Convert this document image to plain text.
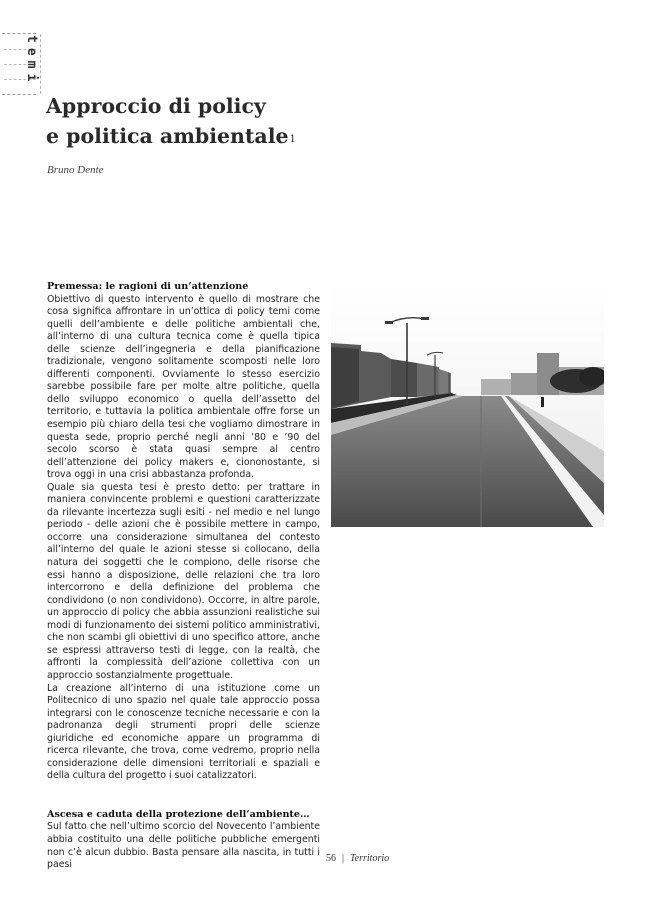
temi
Approccio di policy
e politica ambientale$^1$
Bruno Dente
Premessa: le ragioni di un’attenzione

Obiettivo di questo intervento è quello di mostrare che cosa significa affrontare in un’ottica di policy temi come quelli dell’ambiente e delle politiche ambientali che, all’interno di una cultura tecnica come è quella tipica delle scienze dell’ingegneria e della pianificazione tradizionale, vengono solitamente scomposti nelle loro differenti componenti. Ovviamente lo stesso esercizio sarebbe possibile fare per molte altre politiche, quella dello sviluppo economico o quella dell’assetto del territorio, e tuttavia la politica ambientale offre forse un esempio più chiaro della tesi che vogliamo dimostrare in questa sede, proprio perché negli anni ’80 e ’90 del secolo scorso è stata quasi sempre al centro dell’attenzione dei policy makers e, ciononostante, si trova oggi in una crisi abbastanza profonda.

Quale sia questa tesi è presto detto: per trattare in maniera convincente problemi e questioni caratterizzate da rilevante incertezza sugli esiti - nel medio e nel lungo periodo - delle azioni che è possibile mettere in campo, occorre una considerazione simultanea del contesto all’interno del quale le azioni stesse si collocano, della natura dei soggetti che le compiono, delle risorse che essi hanno a disposizione, delle relazioni che tra loro intercorrono e della definizione del problema che condividono (o non condividono). Occorre, in altre parole, un approccio di policy che abbia assunzioni realistiche sui modi di funzionamento dei sistemi politico amministrativi, che non scambi gli obiettivi di uno specifico attore, anche se espressi attraverso testi di legge, con la realtà, che affronti la complessità dell’azione collettiva con un approccio sostanzialmente progettuale.

La creazione all’interno di una istituzione come un Politecnico di uno spazio nel quale tale approccio possa integrarsi con le conoscenze tecniche necessarie e con la padronanza degli strumenti propri delle scienze giuridiche ed economiche appare un programma di ricerca rilevante, che trova, come vedremo, proprio nella considerazione delle dimensioni territoriali e spaziali e della cultura del progetto i suoi catalizzatori.

Ascesa e caduta della protezione dell’ambiente…

Sul fatto che nell’ultimo scorcio del Novecento l’ambiente abbia costituito una delle politiche pubbliche emergenti non c’è alcun dubbio. Basta pensare alla nascita, in tutti i paesi

56 | Territorio
